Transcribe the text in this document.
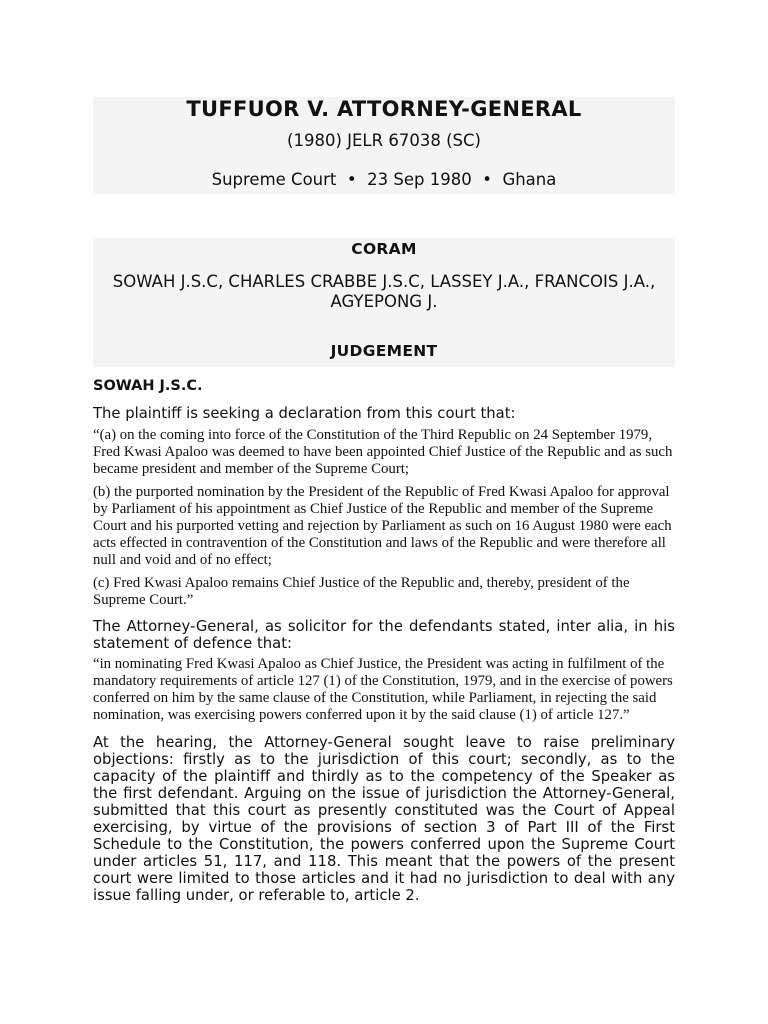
TUFFUOR V. ATTORNEY-GENERAL
(1980) JELR 67038 (SC)
Supreme Court • 23 Sep 1980 • Ghana
CORAM
SOWAH J.S.C, CHARLES CRABBE J.S.C, LASSEY J.A., FRANCOIS J.A., AGYEPONG J.
JUDGEMENT
SOWAH J.S.C.

The plaintiff is seeking a declaration from this court that:

“(a) on the coming into force of the Constitution of the Third Republic on 24 September 1979, Fred Kwasi Apaloo was deemed to have been appointed Chief Justice of the Republic and as such became president and member of the Supreme Court;

(b) the purported nomination by the President of the Republic of Fred Kwasi Apaloo for approval by Parliament of his appointment as Chief Justice of the Republic and member of the Supreme Court and his purported vetting and rejection by Parliament as such on 16 August 1980 were each acts effected in contravention of the Constitution and laws of the Republic and were therefore all null and void and of no effect;

(c) Fred Kwasi Apaloo remains Chief Justice of the Republic and, thereby, president of the Supreme Court.”

The Attorney-General, as solicitor for the defendants stated, inter alia, in his statement of defence that:

“in nominating Fred Kwasi Apaloo as Chief Justice, the President was acting in fulfilment of the mandatory requirements of article 127 (1) of the Constitution, 1979, and in the exercise of powers conferred on him by the same clause of the Constitution, while Parliament, in rejecting the said nomination, was exercising powers conferred upon it by the said clause (1) of article 127.”

At the hearing, the Attorney-General sought leave to raise preliminary objections: firstly as to the jurisdiction of this court; secondly, as to the capacity of the plaintiff and thirdly as to the competency of the Speaker as the first defendant. Arguing on the issue of jurisdiction the Attorney-General, submitted that this court as presently constituted was the Court of Appeal exercising, by virtue of the provisions of section 3 of Part III of the First Schedule to the Constitution, the powers conferred upon the Supreme Court under articles 51, 117, and 118. This meant that the powers of the present court were limited to those articles and it had no jurisdiction to deal with any issue falling under, or referable to, article 2.
